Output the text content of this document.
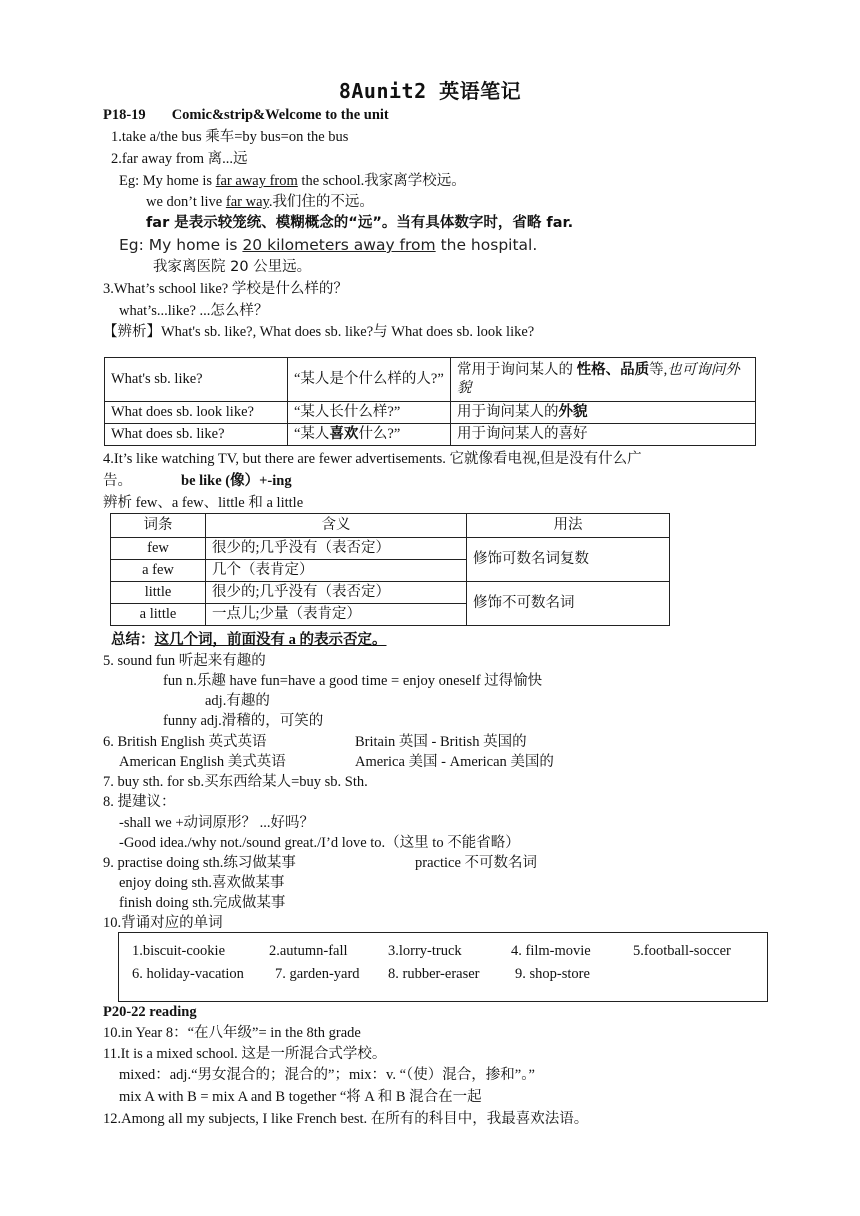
8Aunit2 英语笔记
P18-19 Comic&strip&Welcome to the unit
1.take a/the bus 乘车=by bus=on the bus
2.far away from 离...远
Eg: My home is far away from the school.我家离学校远。
we don’t live far way.我们住的不远。
far 是表示较笼统、模糊概念的“远”。当有具体数字时，省略 far.
Eg: My home is 20 kilometers away from the hospital.
我家离医院 20 公里远。
3.What’s school like? 学校是什么样的？
what’s...like? ...怎么样？
【辨析】What's sb. like?, What does sb. like?与 What does sb. look like?
What's sb. like?	“某人是个什么样的人?”	常用于询问某人的 性格、品质等,也可询问外貌
What does sb. look like?	“某人长什么样?”	用于询问某人的外貌
What does sb. like?	“某人喜欢什么?”	用于询问某人的喜好
4.It’s like watching TV, but there are fewer advertisements. 它就像看电视,但是没有什么广
告。	be like (像）+-ing
辨析 few、a few、little 和 a little
词条	含义	用法
few	很少的;几乎没有（表否定）	修饰可数名词复数
a few	几个（表肯定）	
little	很少的;几乎没有（表否定）	修饰不可数名词
a little	一点儿;少量（表肯定）	
总结：这几个词，前面没有 a 的表示否定。
5. sound fun 听起来有趣的
fun n.乐趣 have fun=have a good time = enjoy oneself 过得愉快
adj.有趣的
funny adj.滑稽的，可笑的
6. British English 英式英语	Britain 英国 - British 英国的
American English 美式英语	America 美国 - American 美国的
7. buy sth. for sb.买东西给某人=buy sb. Sth.
8. 提建议：
-shall we +动词原形？ ...好吗？
-Good idea./why not./sound great./I’d love to.（这里 to 不能省略）
9. practise doing sth.练习做某事	practice 不可数名词
enjoy doing sth.喜欢做某事
finish doing sth.完成做某事
10.背诵对应的单词
1.biscuit-cookie	2.autumn-fall	3.lorry-truck	4. film-movie	5.football-soccer
6. holiday-vacation 7. garden-yard 8. rubber-eraser 9. shop-store
P20-22 reading
10.in Year 8：“在八年级”= in the 8th grade
11.It is a mixed school. 这是一所混合式学校。
mixed：adj.“男女混合的；混合的”；mix：v. “（使）混合，掺和”。”
mix A with B = mix A and B together “将 A 和 B 混合在一起
12.Among all my subjects, I like French best. 在所有的科目中，我最喜欢法语。
